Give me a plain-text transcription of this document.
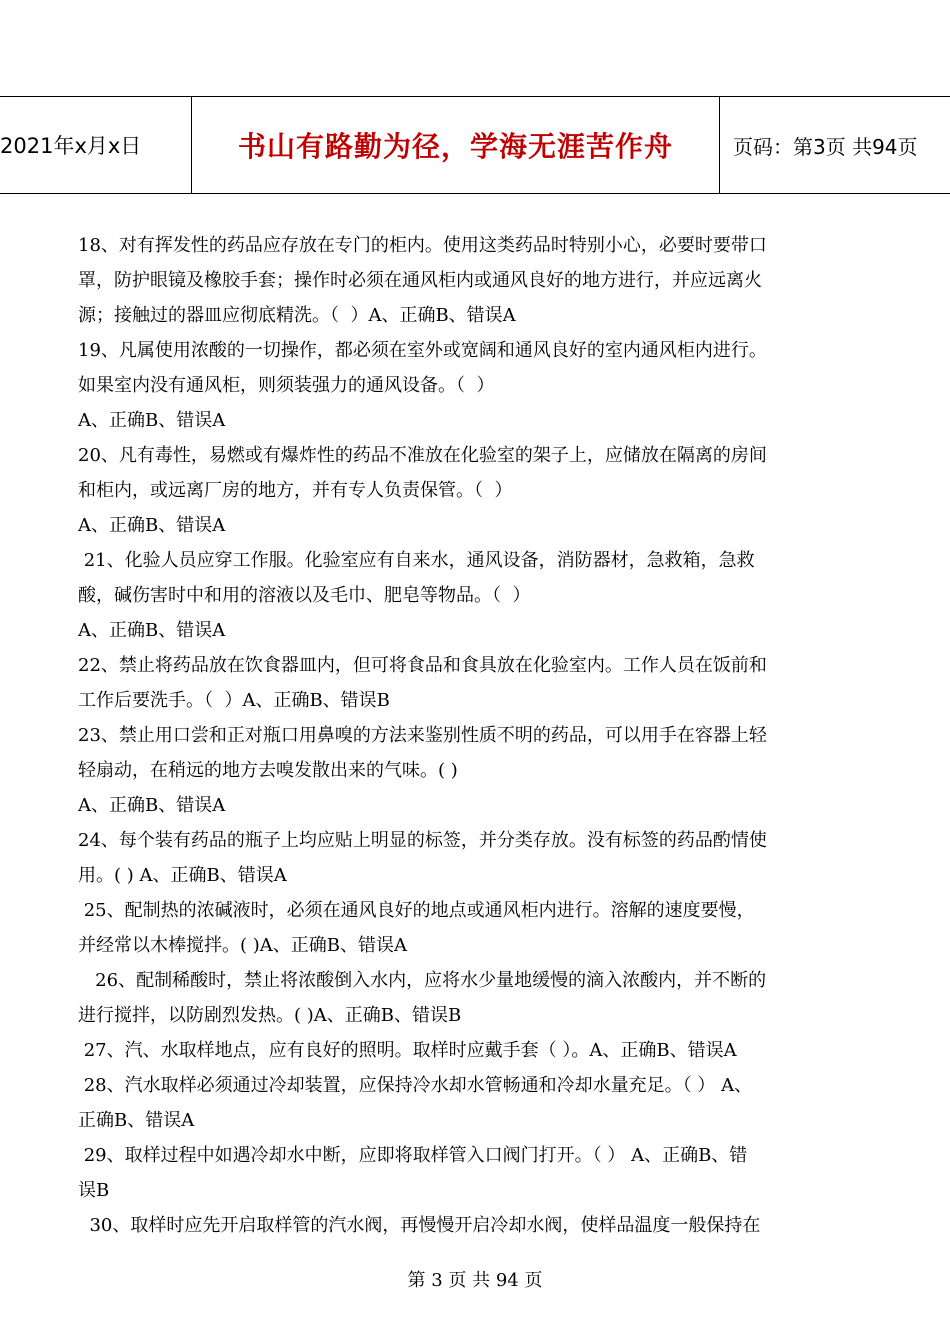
2021年x月x日	书山有路勤为径，学海无涯苦作舟	页码：第3页 共94页
18、对有挥发性的药品应存放在专门的柜内。使用这类药品时特别小心，必要时要带口
罩，防护眼镜及橡胶手套；操作时必须在通风柜内或通风良好的地方进行，并应远离火
源；接触过的器皿应彻底精洗。（  ）A、正确B、错误A
19、凡属使用浓酸的一切操作，都必须在室外或宽阔和通风良好的室内通风柜内进行。
如果室内没有通风柜，则须装强力的通风设备。（  ）
A、正确B、错误A
20、凡有毒性，易燃或有爆炸性的药品不准放在化验室的架子上，应储放在隔离的房间
和柜内，或远离厂房的地方，并有专人负责保管。（  ）
A、正确B、错误A
21、化验人员应穿工作服。化验室应有自来水，通风设备，消防器材，急救箱，急救
酸，碱伤害时中和用的溶液以及毛巾、肥皂等物品。（  ）
A、正确B、错误A
22、禁止将药品放在饮食器皿内，但可将食品和食具放在化验室内。工作人员在饭前和
工作后要洗手。（  ）A、正确B、错误B
23、禁止用口尝和正对瓶口用鼻嗅的方法来鉴别性质不明的药品，可以用手在容器上轻
轻扇动，在稍远的地方去嗅发散出来的气味。( )
A、正确B、错误A
24、每个装有药品的瓶子上均应贴上明显的标签，并分类存放。没有标签的药品酌情使
用。( ) A、正确B、错误A
25、配制热的浓碱液时，必须在通风良好的地点或通风柜内进行。溶解的速度要慢，
并经常以木棒搅拌。( )A、正确B、错误A
26、配制稀酸时，禁止将浓酸倒入水内，应将水少量地缓慢的滴入浓酸内，并不断的
进行搅拌，以防剧烈发热。( )A、正确B、错误B
27、汽、水取样地点，应有良好的照明。取样时应戴手套（ ）。A、正确B、错误A
28、汽水取样必须通过冷却装置，应保持冷水却水管畅通和冷却水量充足。（ ） A、
正确B、错误A
29、取样过程中如遇冷却水中断，应即将取样管入口阀门打开。（ ） A、正确B、错
误B
30、取样时应先开启取样管的汽水阀，再慢慢开启冷却水阀，使样品温度一般保持在
第 3 页 共 94 页
